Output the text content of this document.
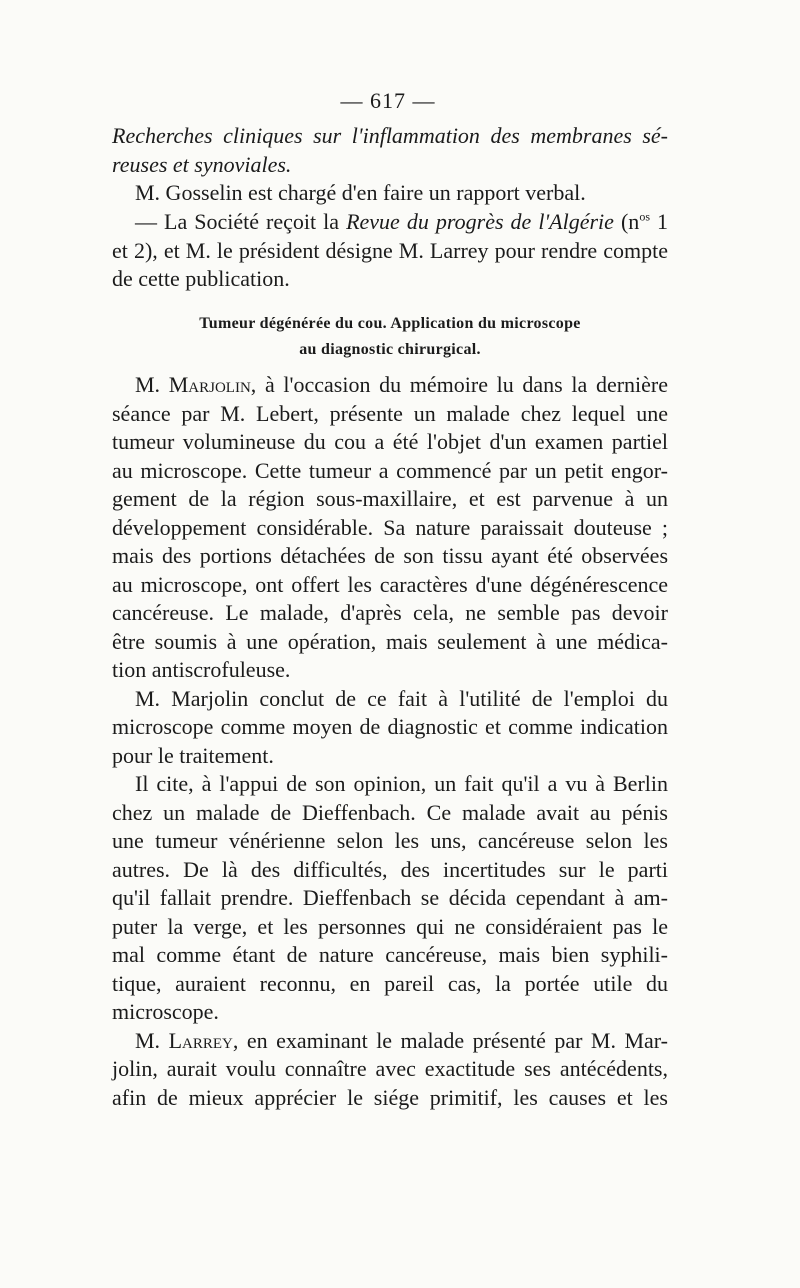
— 617 —
Recherches cliniques sur l'inflammation des membranes sé-
reuses et synoviales.
M. Gosselin est chargé d'en faire un rapport verbal.
— La Société reçoit la Revue du progrès de l'Algérie ($n^{os}$ 1
et 2), et M. le président désigne M. Larrey pour rendre compte
de cette publication.
Tumeur dégénérée du cou. Application du microscope
au diagnostic chirurgical.
M. Marjolin, à l'occasion du mémoire lu dans la dernière
séance par M. Lebert, présente un malade chez lequel une
tumeur volumineuse du cou a été l'objet d'un examen partiel
au microscope. Cette tumeur a commencé par un petit engor-
gement de la région sous-maxillaire, et est parvenue à un
développement considérable. Sa nature paraissait douteuse ;
mais des portions détachées de son tissu ayant été observées
au microscope, ont offert les caractères d'une dégénérescence
cancéreuse. Le malade, d'après cela, ne semble pas devoir
être soumis à une opération, mais seulement à une médica-
tion antiscrofuleuse.
M. Marjolin conclut de ce fait à l'utilité de l'emploi du
microscope comme moyen de diagnostic et comme indication
pour le traitement.
Il cite, à l'appui de son opinion, un fait qu'il a vu à Berlin
chez un malade de Dieffenbach. Ce malade avait au pénis
une tumeur vénérienne selon les uns, cancéreuse selon les
autres. De là des difficultés, des incertitudes sur le parti
qu'il fallait prendre. Dieffenbach se décida cependant à am-
puter la verge, et les personnes qui ne considéraient pas le
mal comme étant de nature cancéreuse, mais bien syphili-
tique, auraient reconnu, en pareil cas, la portée utile du
microscope.
M. Larrey, en examinant le malade présenté par M. Mar-
jolin, aurait voulu connaître avec exactitude ses antécédents,
afin de mieux apprécier le siége primitif, les causes et les
